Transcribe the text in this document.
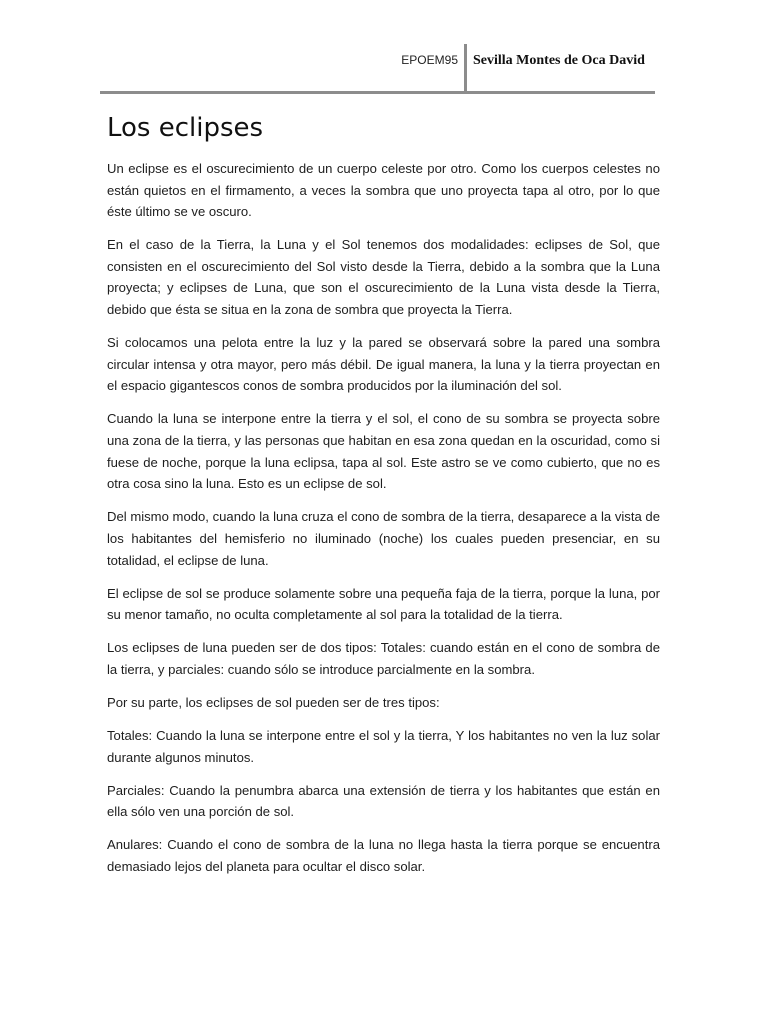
EPOEM95 Sevilla Montes de Oca David
Los eclipses

Un eclipse es el oscurecimiento de un cuerpo celeste por otro. Como los cuerpos celestes no están quietos en el firmamento, a veces la sombra que uno proyecta tapa al otro, por lo que éste último se ve oscuro.

En el caso de la Tierra, la Luna y el Sol tenemos dos modalidades: eclipses de Sol, que consisten en el oscurecimiento del Sol visto desde la Tierra, debido a la sombra que la Luna proyecta; y eclipses de Luna, que son el oscurecimiento de la Luna vista desde la Tierra, debido que ésta se situa en la zona de sombra que proyecta la Tierra.

Si colocamos una pelota entre la luz y la pared se observará sobre la pared una sombra circular intensa y otra mayor, pero más débil. De igual manera, la luna y la tierra proyectan en el espacio gigantescos conos de sombra producidos por la iluminación del sol.

Cuando la luna se interpone entre la tierra y el sol, el cono de su sombra se proyecta sobre una zona de la tierra, y las personas que habitan en esa zona quedan en la oscuridad, como si fuese de noche, porque la luna eclipsa, tapa al sol. Este astro se ve como cubierto, que no es otra cosa sino la luna. Esto es un eclipse de sol.

Del mismo modo, cuando la luna cruza el cono de sombra de la tierra, desaparece a la vista de los habitantes del hemisferio no iluminado (noche) los cuales pueden presenciar, en su totalidad, el eclipse de luna.

El eclipse de sol se produce solamente sobre una pequeña faja de la tierra, porque la luna, por su menor tamaño, no oculta completamente al sol para la totalidad de la tierra.

Los eclipses de luna pueden ser de dos tipos: Totales: cuando están en el cono de sombra de la tierra, y parciales: cuando sólo se introduce parcialmente en la sombra.

Por su parte, los eclipses de sol pueden ser de tres tipos:

Totales: Cuando la luna se interpone entre el sol y la tierra, Y los habitantes no ven la luz solar durante algunos minutos.

Parciales: Cuando la penumbra abarca una extensión de tierra y los habitantes que están en ella sólo ven una porción de sol.

Anulares: Cuando el cono de sombra de la luna no llega hasta la tierra porque se encuentra demasiado lejos del planeta para ocultar el disco solar.
